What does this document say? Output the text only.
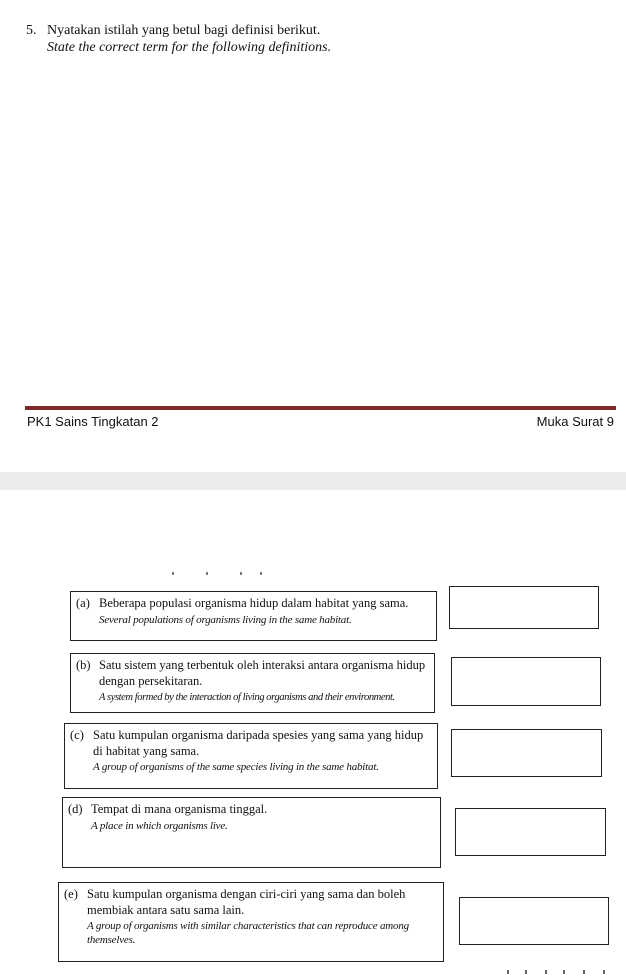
5. Nyatakan istilah yang betul bagi definisi berikut.
State the correct term for the following definitions.
PK1 Sains Tingkatan 2	Muka Surat 9
(a) Beberapa populasi organisma hidup dalam habitat yang sama.
Several populations of organisms living in the same habitat.
(b) Satu sistem yang terbentuk oleh interaksi antara organisma hidup dengan persekitaran.
A system formed by the interaction of living organisms and their environment.
(c) Satu kumpulan organisma daripada spesies yang sama yang hidup di habitat yang sama.
A group of organisms of the same species living in the same habitat.
(d) Tempat di mana organisma tinggal.
A place in which organisms live.
(e) Satu kumpulan organisma dengan ciri-ciri yang sama dan boleh membiak antara satu sama lain.
A group of organisms with similar characteristics that can reproduce among themselves.
